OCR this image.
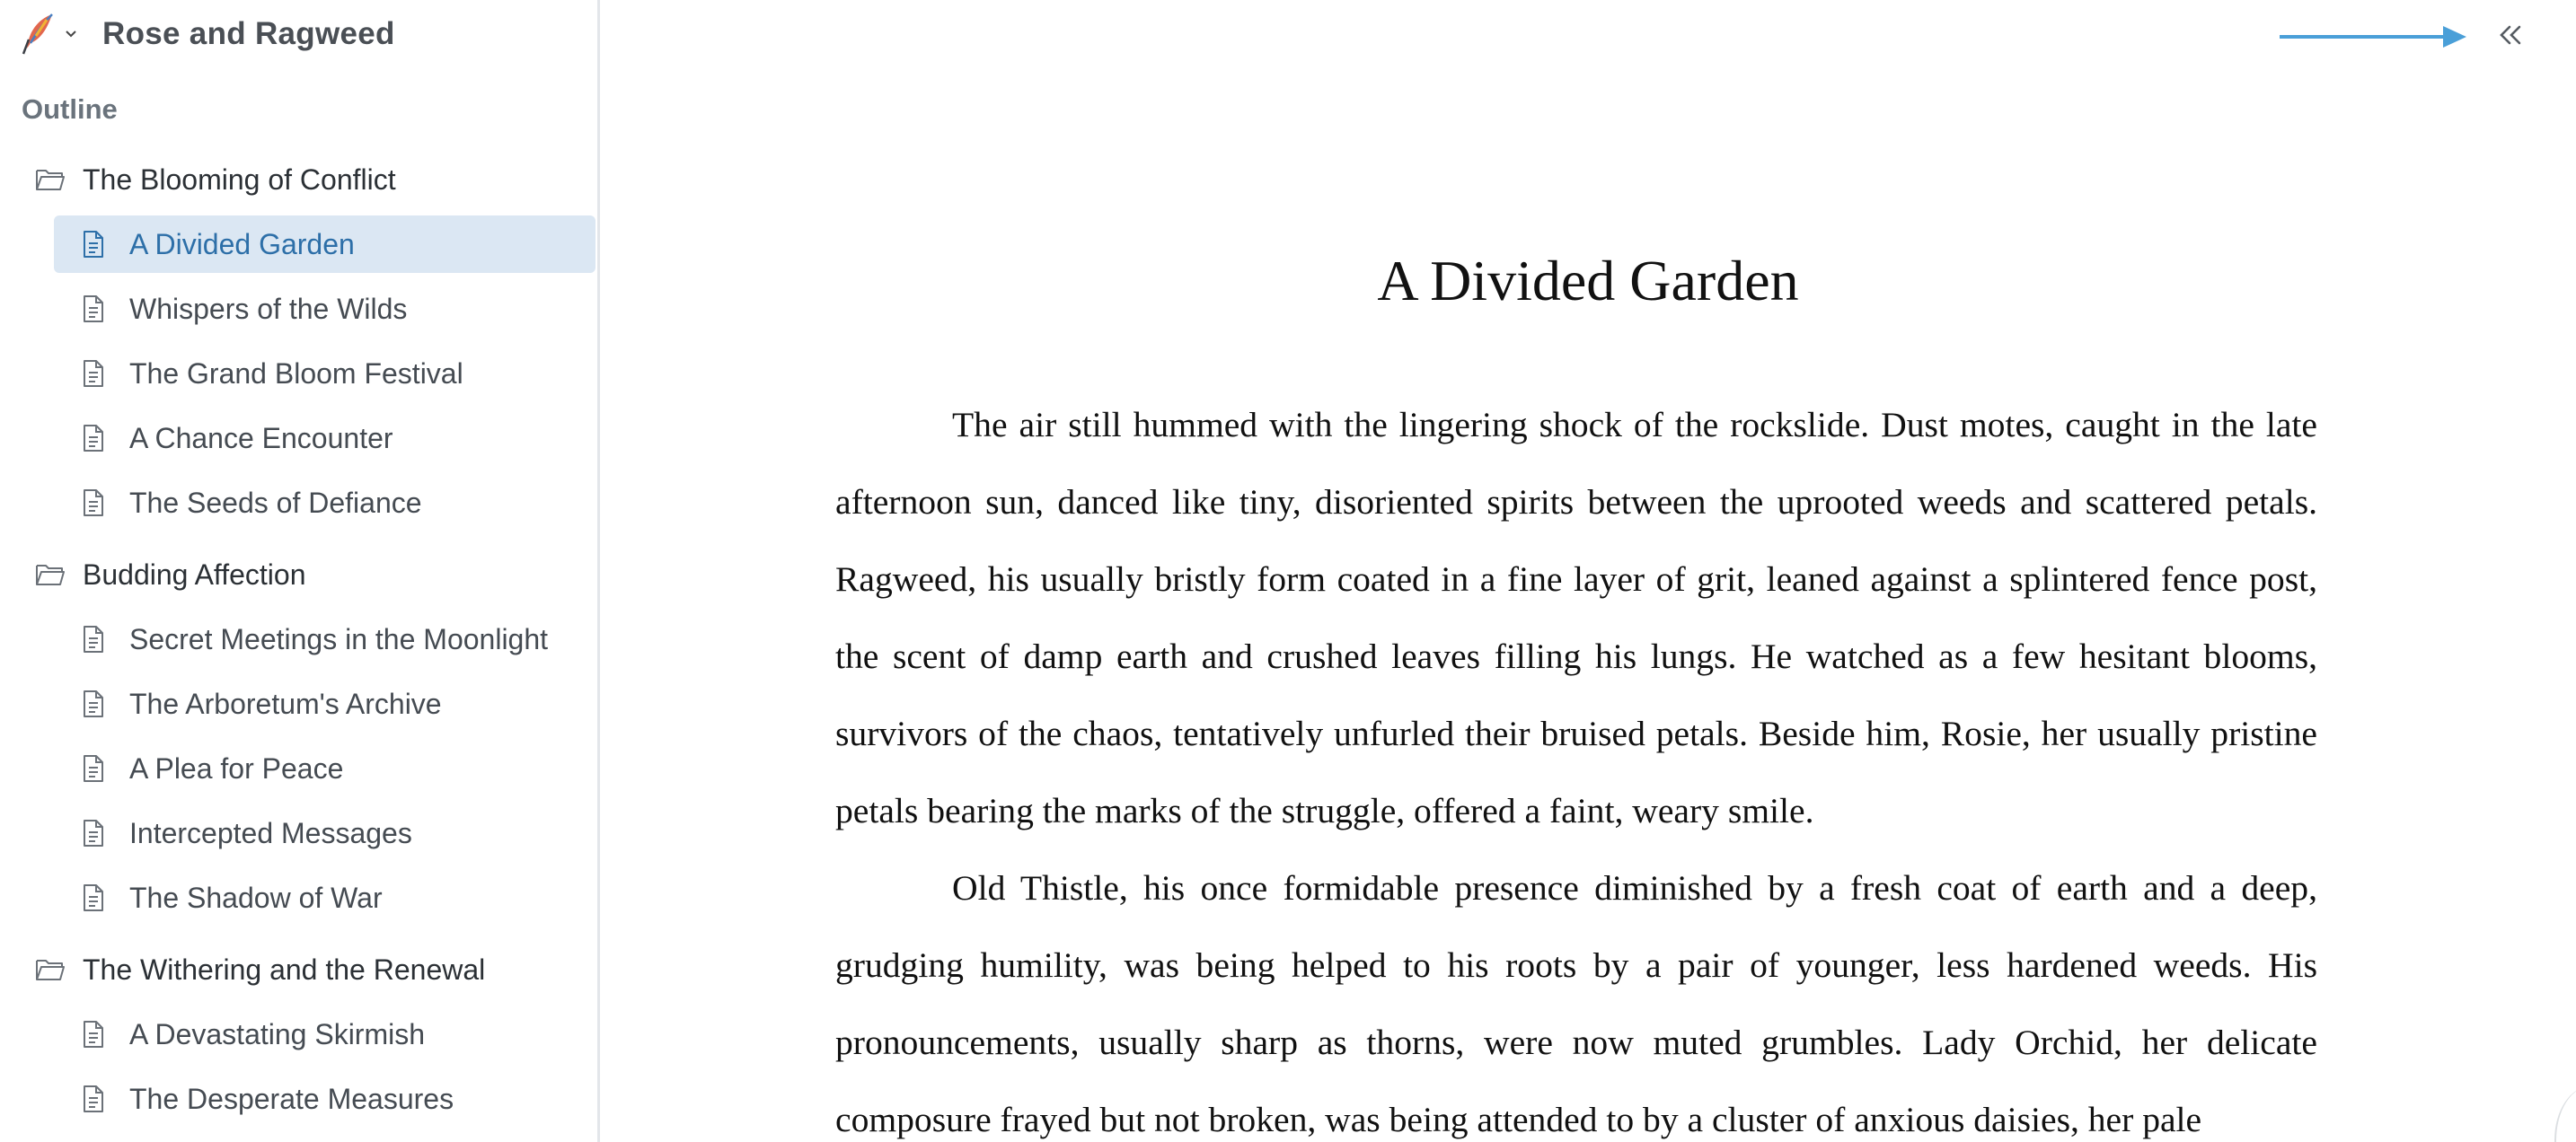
Rose and Ragweed
Outline
The Blooming of Conflict
A Divided Garden
Whispers of the Wilds
The Grand Bloom Festival
A Chance Encounter
The Seeds of Defiance
Budding Affection
Secret Meetings in the Moonlight
The Arboretum's Archive
A Plea for Peace
Intercepted Messages
The Shadow of War
The Withering and the Renewal
A Devastating Skirmish
The Desperate Measures
A Divided Garden

The air still hummed with the lingering shock of the rockslide. Dust motes, caught in the late afternoon sun, danced like tiny, disoriented spirits between the uprooted weeds and scattered petals. Ragweed, his usually bristly form coated in a fine layer of grit, leaned against a splintered fence post, the scent of damp earth and crushed leaves filling his lungs. He watched as a few hesitant blooms, survivors of the chaos, tentatively unfurled their bruised petals. Beside him, Rosie, her usually pristine petals bearing the marks of the struggle, offered a faint, weary smile.

Old Thistle, his once formidable presence diminished by a fresh coat of earth and a deep, grudging humility, was being helped to his roots by a pair of younger, less hardened weeds. His pronouncements, usually sharp as thorns, were now muted grumbles. Lady Orchid, her delicate composure frayed but not broken, was being attended to by a cluster of anxious daisies, her pale
